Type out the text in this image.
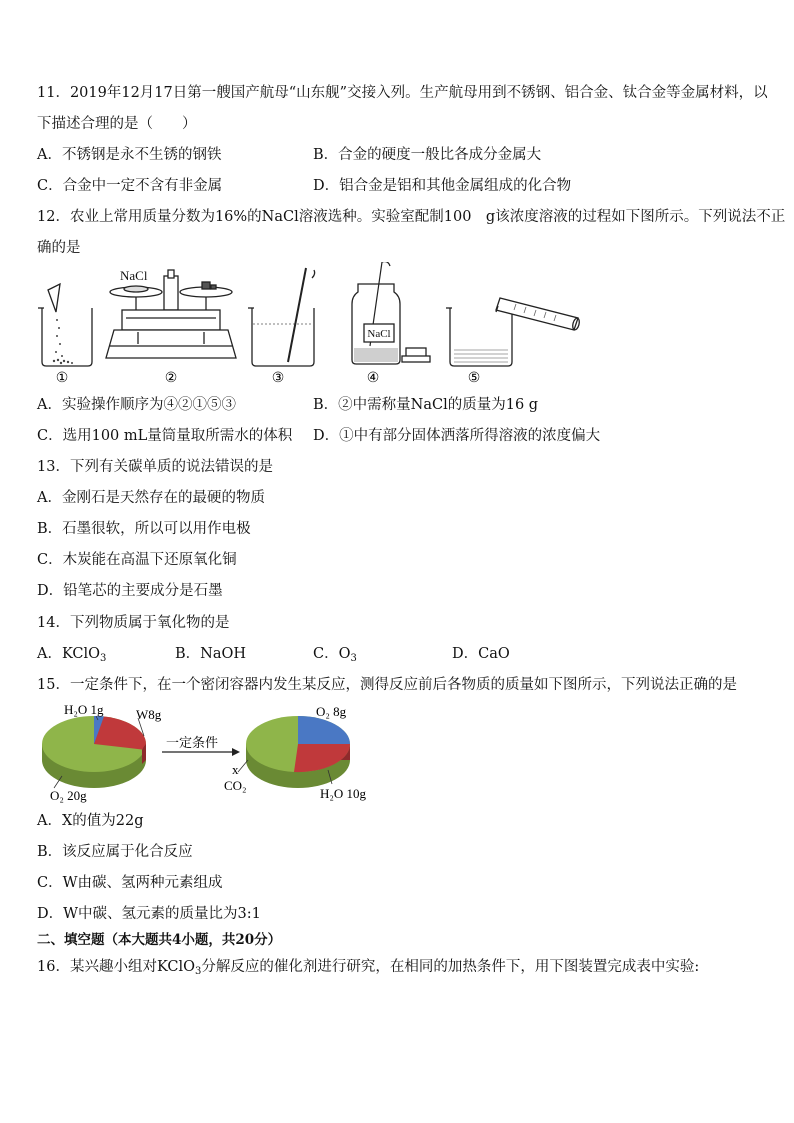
11．2019年12月17日第一艘国产航母“山东舰”交接入列。生产航母用到不锈钢、铝合金、钛合金等金属材料，以
下描述合理的是（　　）
A．不锈钢是永不生锈的钢铁	B．合金的硬度一般比各成分金属大
C．合金中一定不含有非金属	D．铝合金是铝和其他金属组成的化合物
12．农业上常用质量分数为16%的NaCl溶液选种。实验室配制100　g该浓度溶液的过程如下图所示。下列说法不正
确的是
①
NaCl
②	③
NaCl
④	⑤
A．实验操作顺序为④②①⑤③	B．②中需称量NaCl的质量为16 g
C．选用100 mL量筒量取所需水的体积 D．①中有部分固体洒落所得溶液的浓度偏大
13．下列有关碳单质的说法错误的是
A．金刚石是天然存在的最硬的物质
B．石墨很软，所以可以用作电极
C．木炭能在高温下还原氧化铜
D．铅笔芯的主要成分是石墨
14．下列物质属于氧化物的是
A．KClO$_3$	B．NaOH	C．$O_3$	D．CaO
15．一定条件下，在一个密闭容器内发生某反应，测得反应前后各物质的质量如下图所示，下列说法正确的是
H₂O 1g W8g
O₂ 20g
一定条件
O₂ 8g
x
CO₂
H₂O 10g
A．X的值为22g
B．该反应属于化合反应
C．W由碳、氢两种元素组成
D．W中碳、氢元素的质量比为3:1
二、填空题（本大题共4小题，共20分）
16．某兴趣小组对KClO$_3$分解反应的催化剂进行研究，在相同的加热条件下，用下图装置完成表中实验:
